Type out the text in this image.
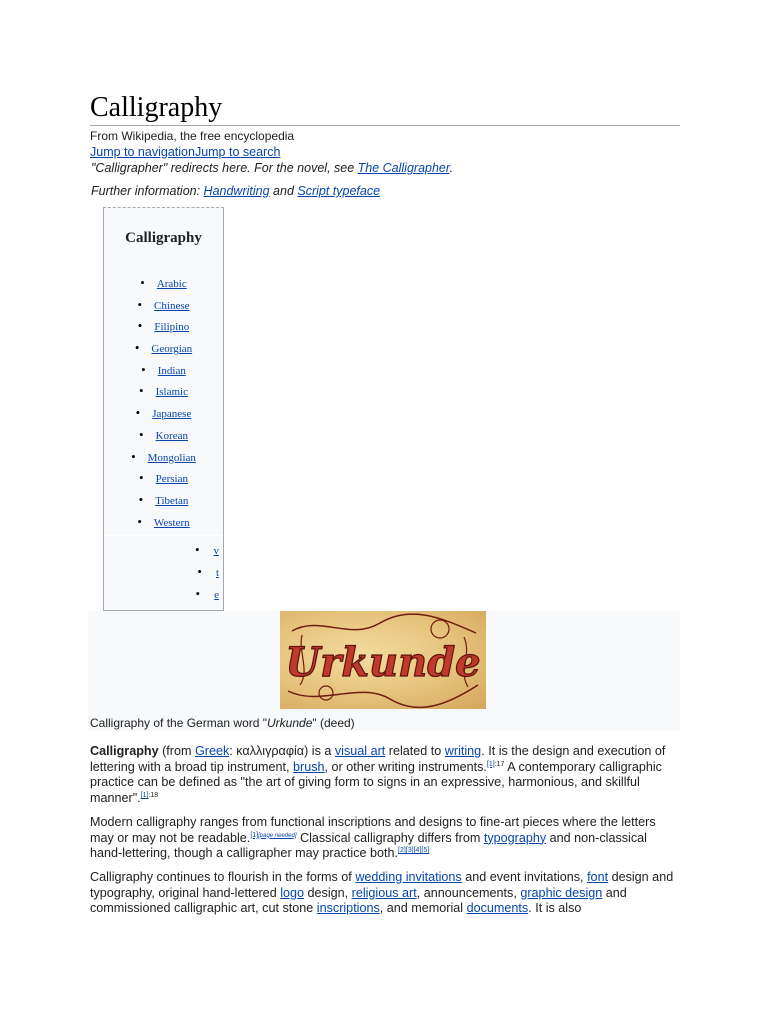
Calligraphy
From Wikipedia, the free encyclopedia
Jump to navigationJump to search
"Calligrapher" redirects here. For the novel, see The Calligrapher.
Further information: Handwriting and Script typeface
Calligraphy
• Arabic
• Chinese
• Filipino
• Georgian
• Indian
• Islamic
• Japanese
• Korean
• Mongolian
• Persian
• Tibetan
• Western
• v
• t
• e
Urkunde
Calligraphy of the German word "Urkunde" (deed)

Calligraphy (from Greek: καλλιγραφία) is a visual art related to writing. It is the design and execution of lettering with a broad tip instrument, brush, or other writing instruments.$^{[1]:17}$ A contemporary calligraphic practice can be defined as "the art of giving form to signs in an expressive, harmonious, and skillful manner".$^{[1]:18}$

Modern calligraphy ranges from functional inscriptions and designs to fine-art pieces where the letters may or may not be readable.[1][page needed] Classical calligraphy differs from typography and non-classical hand-lettering, though a calligrapher may practice both.[2][3][4][5]

Calligraphy continues to flourish in the forms of wedding invitations and event invitations, font design and typography, original hand-lettered logo design, religious art, announcements, graphic design and commissioned calligraphic art, cut stone inscriptions, and memorial documents. It is also
